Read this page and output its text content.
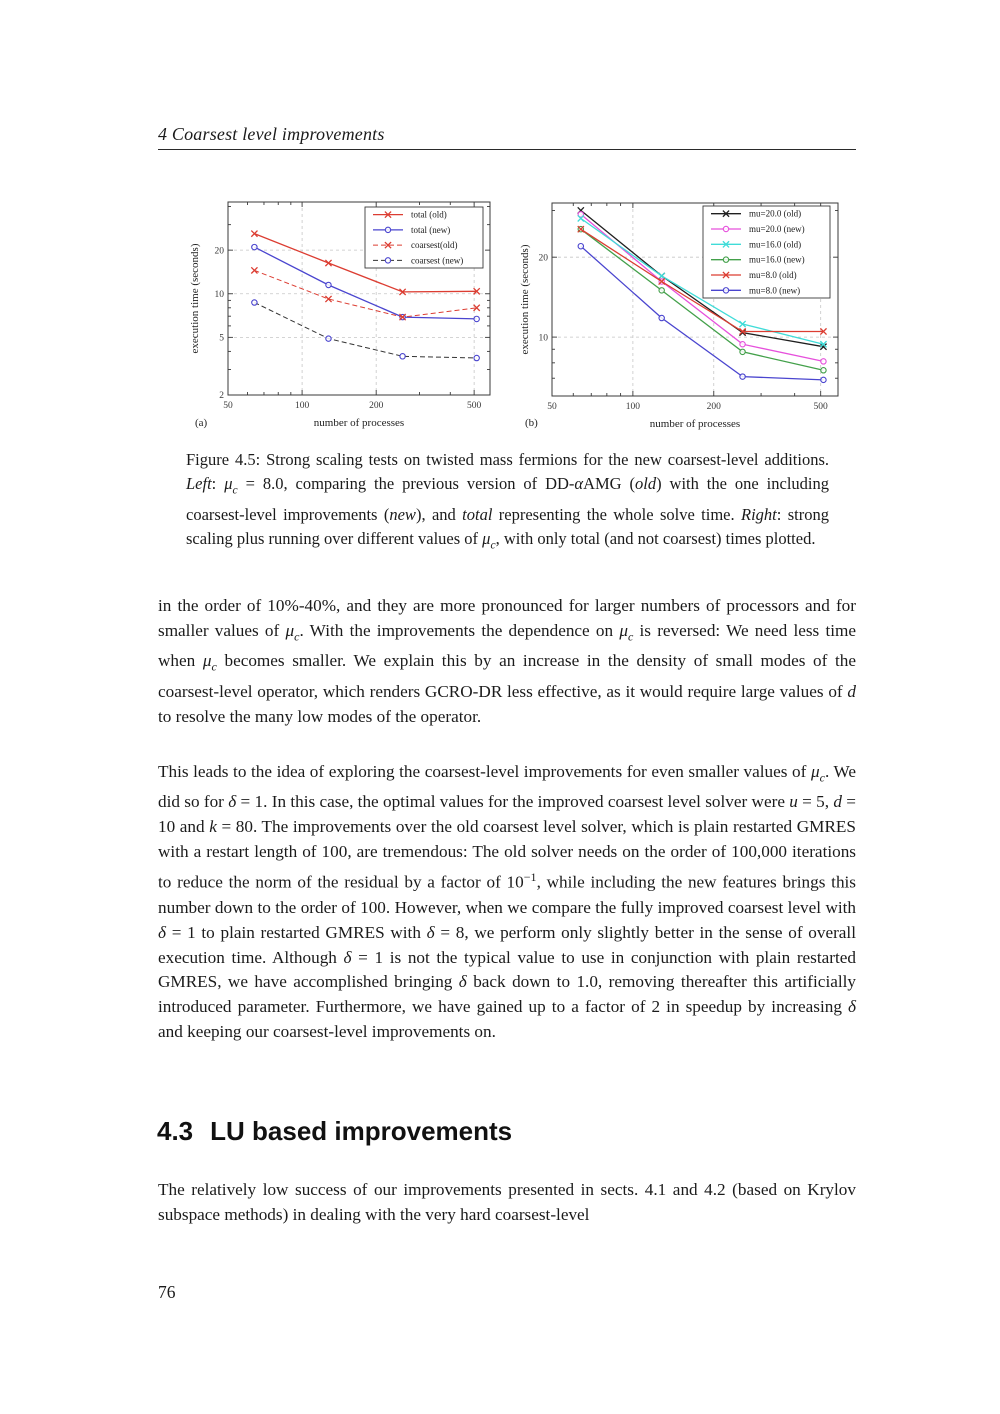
4 Coarsest level improvements
50	100	200	500
2
5
10
20
total (old)
total (new)
coarsest(old)
coarsest (new)
number of processes
execution time (seconds)
(a)
50	100	200	500
10
20
mu=20.0 (old)
mu=20.0 (new)
mu=16.0 (old)
mu=16.0 (new)
mu=8.0 (old)
mu=8.0 (new)
number of processes
execution time (seconds)
(b)
Figure 4.5: Strong scaling tests on twisted mass fermions for the new coarsest-level additions. Left: $\mu_c = 8.0$, comparing the previous version of DD-αAMG (old) with the one including coarsest-level improvements (new), and total representing the whole solve time. Right: strong scaling plus running over different values of $\mu_c$, with only total (and not coarsest) times plotted.
in the order of 10%-40%, and they are more pronounced for larger numbers of processors and for smaller values of $\mu_c$. With the improvements the dependence on $\mu_c$ is reversed: We need less time when $\mu_c$ becomes smaller. We explain this by an increase in the density of small modes of the coarsest-level operator, which renders GCRO-DR less effective, as it would require large values of d to resolve the many low modes of the operator.
This leads to the idea of exploring the coarsest-level improvements for even smaller values of $\mu_c$. We did so for δ = 1. In this case, the optimal values for the improved coarsest level solver were u = 5, d = 10 and k = 80. The improvements over the old coarsest level solver, which is plain restarted GMRES with a restart length of 100, are tremendous: The old solver needs on the order of 100,000 iterations to reduce the norm of the residual by a factor of $10^{-1}$, while including the new features brings this number down to the order of 100. However, when we compare the fully improved coarsest level with δ = 1 to plain restarted GMRES with δ = 8, we perform only slightly better in the sense of overall execution time. Although δ = 1 is not the typical value to use in conjunction with plain restarted GMRES, we have accomplished bringing δ back down to 1.0, removing thereafter this artificially introduced parameter. Furthermore, we have gained up to a factor of 2 in speedup by increasing δ and keeping our coarsest-level improvements on.
4.3 LU based improvements
The relatively low success of our improvements presented in sects. 4.1 and 4.2 (based on Krylov subspace methods) in dealing with the very hard coarsest-level
76
